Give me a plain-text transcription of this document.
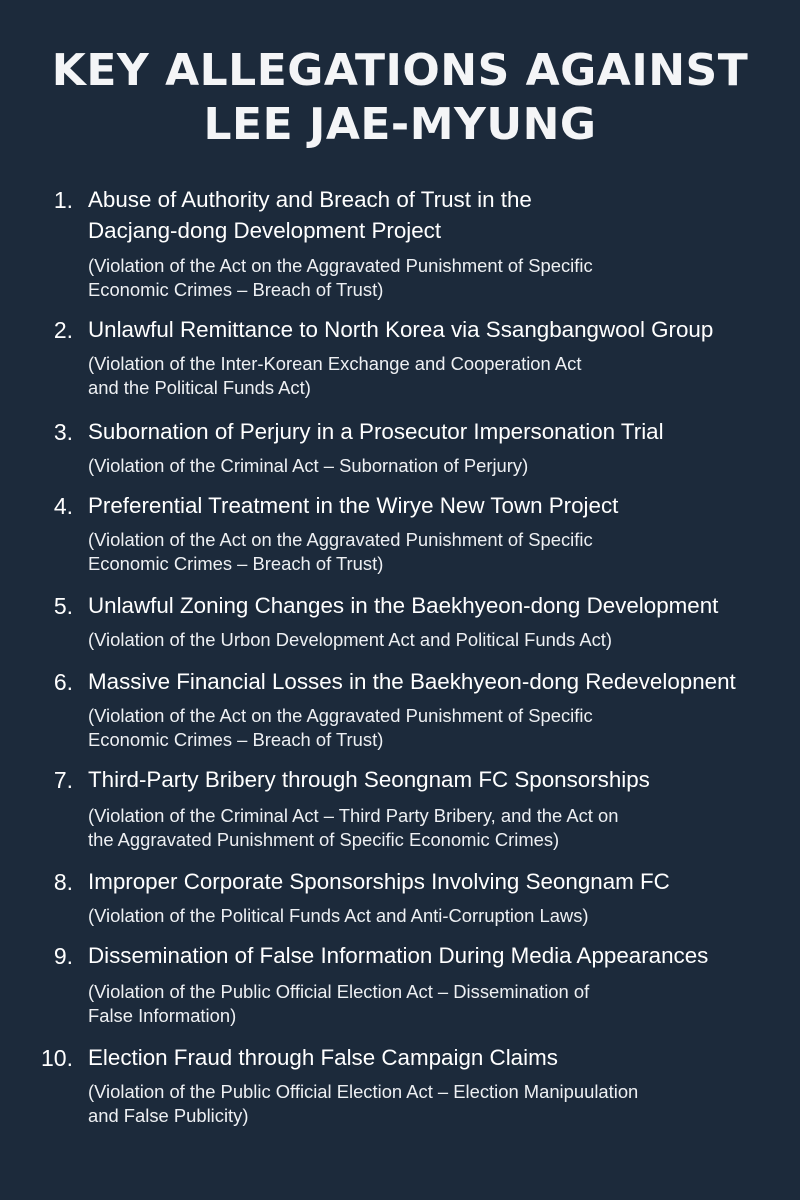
KEY ALLEGATIONS AGAINST
LEE JAE-MYUNG
1. Abuse of Authority and Breach of Trust in the
Dacjang-dong Development Project
(Violation of the Act on the Aggravated Punishment of Specific
Economic Crimes – Breach of Trust)
2. Unlawful Remittance to North Korea via Ssangbangwool Group
(Violation of the Inter-Korean Exchange and Cooperation Act
and the Political Funds Act)
3. Subornation of Perjury in a Prosecutor Impersonation Trial
(Violation of the Criminal Act – Subornation of Perjury)
4. Preferential Treatment in the Wirye New Town Project
(Violation of the Act on the Aggravated Punishment of Specific
Economic Crimes – Breach of Trust)
5. Unlawful Zoning Changes in the Baekhyeon-dong Development
(Violation of the Urbon Development Act and Political Funds Act)
6. Massive Financial Losses in the Baekhyeon-dong Redevelopnent
(Violation of the Act on the Aggravated Punishment of Specific
Economic Crimes – Breach of Trust)
7. Third-Party Bribery through Seongnam FC Sponsorships
(Violation of the Criminal Act – Third Party Bribery, and the Act on
the Aggravated Punishment of Specific Economic Crimes)
8. Improper Corporate Sponsorships Involving Seongnam FC
(Violation of the Political Funds Act and Anti-Corruption Laws)
9. Dissemination of False Information During Media Appearances
(Violation of the Public Official Election Act – Dissemination of
False Information)
10. Election Fraud through False Campaign Claims
(Violation of the Public Official Election Act – Election Manipuulation
and False Publicity)
